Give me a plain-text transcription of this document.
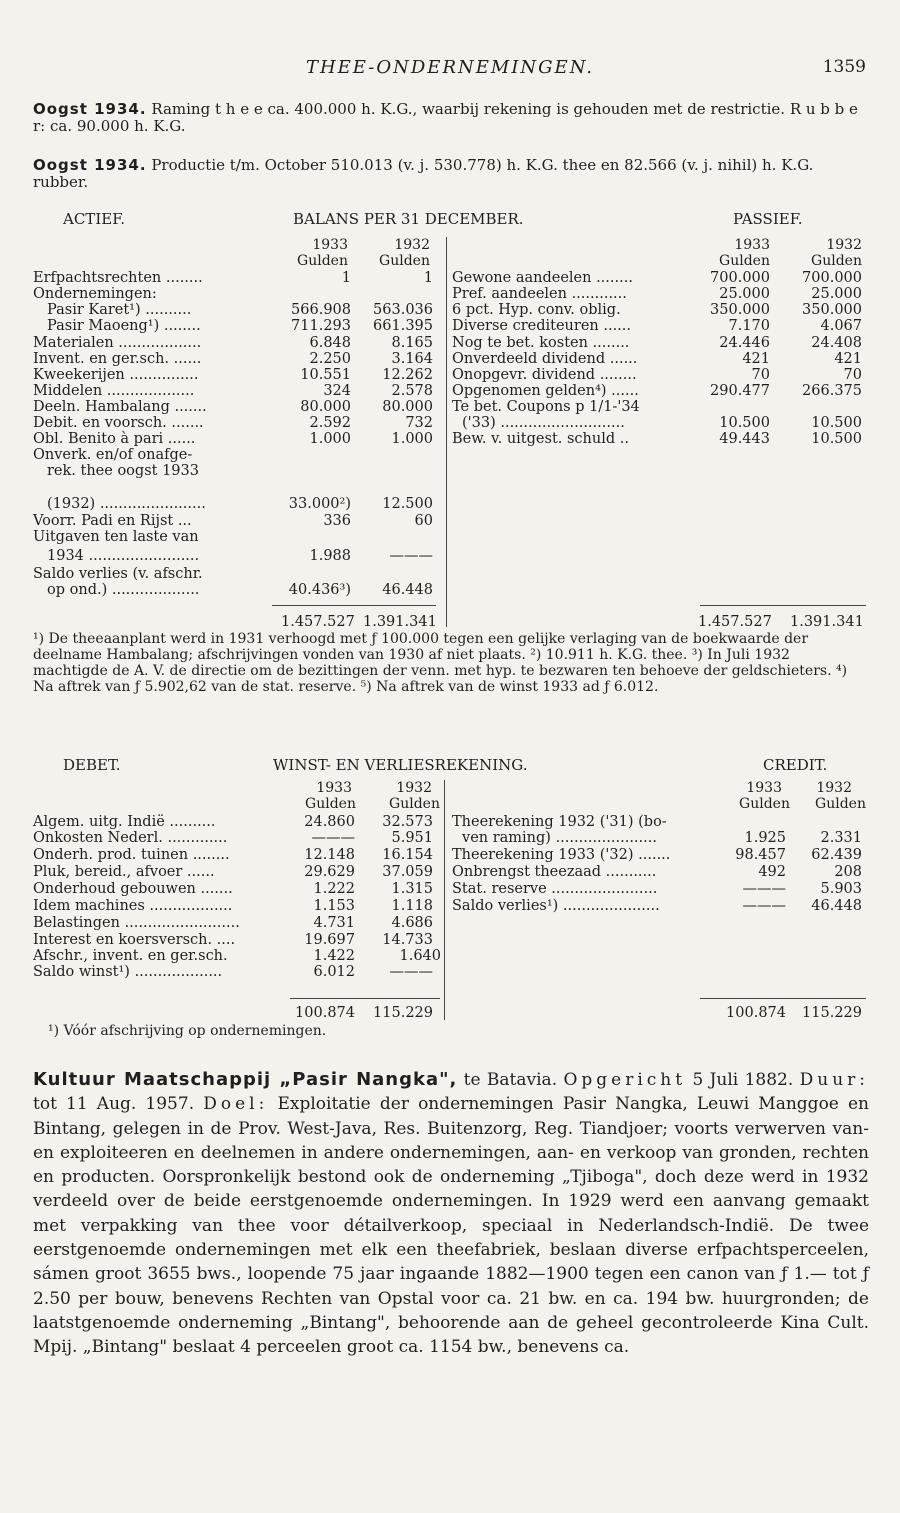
THEE-ONDERNEMINGEN.	1359

Oogst 1934. Raming t h e e ca. 400.000 h. K.G., waarbij rekening is gehouden met de restrictie. R u b b e r: ca. 90.000 h. K.G.

Oogst 1934. Productie t/m. October 510.013 (v. j. 530.778) h. K.G. thee en 82.566 (v. j. nihil) h. K.G. rubber.

ACTIEF.	BALANS PER 31 DECEMBER.	PASSIEF.
1933	1932
Gulden	Gulden
1933	1932
Gulden	Gulden
Erfpachtsrechten ........	1	1
Ondernemingen:
Pasir Karet¹) ..........	566.908	563.036
Pasir Maoeng¹) ........	711.293	661.395
Materialen ..................	6.848	8.165
Invent. en ger.sch. ......	2.250	3.164
Kweekerijen ...............	10.551	12.262
Middelen ...................	324	2.578
Deeln. Hambalang .......	80.000	80.000
Debit. en voorsch. .......	2.592	732
Obl. Benito à pari ......	1.000	1.000
Onverk. en/of onafge-
rek. thee oogst 1933
(1932) .......................	33.000²)	12.500
Voorr. Padi en Rijst ...	336	60
Uitgaven ten laste van
1934 ........................	1.988	———
Saldo verlies (v. afschr.
op ond.) ...................	40.436³)	46.448
Gewone aandeelen ........	700.000	700.000
Pref. aandeelen ............	25.000	25.000
6 pct. Hyp. conv. oblig.	350.000	350.000
Diverse crediteuren ......	7.170	4.067
Nog te bet. kosten ........	24.446	24.408
Onverdeeld dividend ......	421	421
Onopgevr. dividend ........	70	70
Opgenomen gelden⁴) ......	290.477	266.375
Te bet. Coupons p 1/1-'34
('33) ...........................	10.500	10.500
Bew. v. uitgest. schuld ..	49.443	10.500
1.457.527 1.391.341	1.457.527 1.391.341

¹) De theeaanplant werd in 1931 verhoogd met ƒ 100.000 tegen een gelijke verlaging van de boekwaarde der deelname Hambalang; afschrijvingen vonden van 1930 af niet plaats. ²) 10.911 h. K.G. thee. ³) In Juli 1932 machtigde de A. V. de directie om de bezittingen der venn. met hyp. te bezwaren ten behoeve der geldschieters. ⁴) Na aftrek van ƒ 5.902,62 van de stat. reserve. ⁵) Na aftrek van de winst 1933 ad ƒ 6.012.

DEBET.	WINST- EN VERLIESREKENING.	CREDIT.
1933	1932
Gulden	Gulden
1933	1932
Gulden	Gulden
Algem. uitg. Indië ..........	24.860	32.573
Onkosten Nederl. .............	———	5.951
Onderh. prod. tuinen ........	12.148	16.154
Pluk, bereid., afvoer ......	29.629	37.059
Onderhoud gebouwen .......	1.222	1.315
Idem machines ..................	1.153	1.118
Belastingen .........................	4.731	4.686
Interest en koersversch. ....	19.697	14.733
Afschr., invent. en ger.sch.	1.422	1.640
Saldo winst¹) ...................	6.012	———
Theerekening 1932 ('31) (bo-
ven raming) ......................	1.925	2.331
Theerekening 1933 ('32) .......	98.457	62.439
Onbrengst theezaad ...........	492	208
Stat. reserve .......................	———	5.903
Saldo verlies¹) .....................	———	46.448
100.874 115.229	100.874	115.229

¹) Vóór afschrijving op ondernemingen.

Kultuur Maatschappij „Pasir Nangka", te Batavia. Opgericht 5 Juli 1882. Duur: tot 11 Aug. 1957. Doel: Exploitatie der ondernemingen Pasir Nangka, Leuwi Manggoe en Bintang, gelegen in de Prov. West-Java, Res. Buitenzorg, Reg. Tiandjoer; voorts verwerven van- en exploiteeren en deelnemen in andere ondernemingen, aan- en verkoop van gronden, rechten en producten. Oorspronkelijk bestond ook de onderneming „Tjiboga", doch deze werd in 1932 verdeeld over de beide eerstgenoemde ondernemingen. In 1929 werd een aanvang gemaakt met verpakking van thee voor détailverkoop, speciaal in Nederlandsch-Indië. De twee eerstgenoemde ondernemingen met elk een theefabriek, beslaan diverse erfpachtsperceelen, sámen groot 3655 bws., loopende 75 jaar ingaande 1882—1900 tegen een canon van ƒ 1.— tot ƒ 2.50 per bouw, benevens Rechten van Opstal voor ca. 21 bw. en ca. 194 bw. huurgronden; de laatstgenoemde onderneming „Bintang", behoorende aan de geheel gecontroleerde Kina Cult. Mpij. „Bintang" beslaat 4 perceelen groot ca. 1154 bw., benevens ca.
